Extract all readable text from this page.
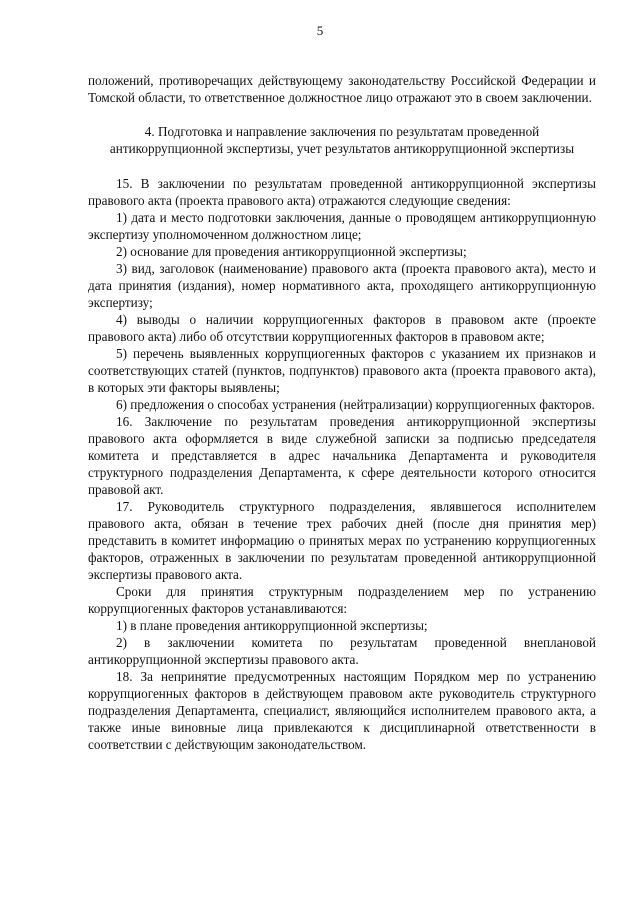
5

положений, противоречащих действующему законодательству Российской Федерации и Томской области, то ответственное должностное лицо отражают это в своем заключении.

4. Подготовка и направление заключения по результатам проведенной антикоррупционной экспертизы, учет результатов антикоррупционной экспертизы

15. В заключении по результатам проведенной антикоррупционной экспертизы правового акта (проекта правового акта) отражаются следующие сведения:

1) дата и место подготовки заключения, данные о проводящем антикоррупционную экспертизу уполномоченном должностном лице;

2) основание для проведения антикоррупционной экспертизы;

3) вид, заголовок (наименование) правового акта (проекта правового акта), место и дата принятия (издания), номер нормативного акта, проходящего антикоррупционную экспертизу;

4) выводы о наличии коррупциогенных факторов в правовом акте (проекте правового акта) либо об отсутствии коррупциогенных факторов в правовом акте;

5) перечень выявленных коррупциогенных факторов с указанием их признаков и соответствующих статей (пунктов, подпунктов) правового акта (проекта правового акта), в которых эти факторы выявлены;

6) предложения о способах устранения (нейтрализации) коррупциогенных факторов.

16. Заключение по результатам проведения антикоррупционной экспертизы правового акта оформляется в виде служебной записки за подписью председателя комитета и представляется в адрес начальника Департамента и руководителя структурного подразделения Департамента, к сфере деятельности которого относится правовой акт.

17. Руководитель структурного подразделения, являвшегося исполнителем правового акта, обязан в течение трех рабочих дней (после дня принятия мер) представить в комитет информацию о принятых мерах по устранению коррупциогенных факторов, отраженных в заключении по результатам проведенной антикоррупционной экспертизы правового акта.

Сроки для принятия структурным подразделением мер по устранению коррупциогенных факторов устанавливаются:

1) в плане проведения антикоррупционной экспертизы;

2) в заключении комитета по результатам проведенной внеплановой антикоррупционной экспертизы правового акта.

18. За непринятие предусмотренных настоящим Порядком мер по устранению коррупциогенных факторов в действующем правовом акте руководитель структурного подразделения Департамента, специалист, являющийся исполнителем правового акта, а также иные виновные лица привлекаются к дисциплинарной ответственности в соответствии с действующим законодательством.
